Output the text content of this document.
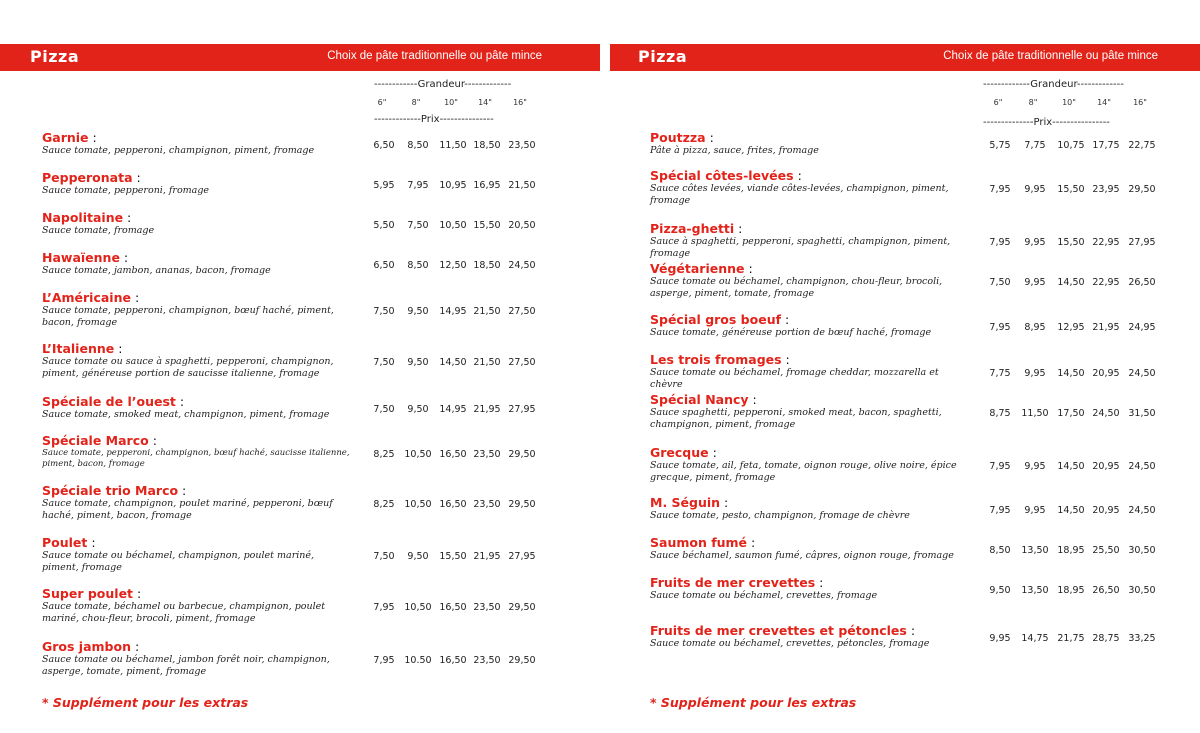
Pizza	Choix de pâte traditionnelle ou pâte mince
------------Grandeur-------------
6"	8"	10"	14"	16"
-------------Prix---------------
Garnie :
Sauce tomate, pepperoni, champignon, piment, fromage	6,50	8,50	11,50 18,50 23,50
Pepperonata :
Sauce tomate, pepperoni, fromage	5,95	7,95	10,95 16,95 21,50
Napolitaine :
Sauce tomate, fromage	5,50	7,50	10,50 15,50 20,50
Hawaïenne :
Sauce tomate, jambon, ananas, bacon, fromage	6,50	8,50	12,50 18,50 24,50
L’Américaine :
Sauce tomate, pepperoni, champignon, bœuf haché, piment, bacon, fromage
7,50	9,50	14,95 21,50 27,50
L’Italienne :
Sauce tomate ou sauce à spaghetti, pepperoni, champignon, piment, généreuse portion de saucisse italienne, fromage
7,50	9,50	14,50 21,50 27,50
Spéciale de l’ouest :
Sauce tomate, smoked meat, champignon, piment, fromage	7,50	9,50	14,95 21,95 27,95
Spéciale Marco :
Sauce tomate, pepperoni, champignon, bœuf haché, saucisse italienne, piment, bacon, fromage
8,25	10,50 16,50 23,50 29,50
Spéciale trio Marco :
Sauce tomate, champignon, poulet mariné, pepperoni, bœuf haché, piment, bacon, fromage
8,25	10,50 16,50 23,50 29,50
Poulet :
Sauce tomate ou béchamel, champignon, poulet mariné, piment, fromage
7,50	9,50	15,50 21,95 27,95
Super poulet :
Sauce tomate, béchamel ou barbecue, champignon, poulet mariné, chou-fleur, brocoli, piment, fromage
7,95	10,50 16,50 23,50 29,50
Gros jambon :
Sauce tomate ou béchamel, jambon forêt noir, champignon, asperge, tomate, piment, fromage
7,95	10.50 16,50 23,50 29,50
* Supplément pour les extras
Pizza	Choix de pâte traditionnelle ou pâte mince
-------------Grandeur-------------
6"	8"	10"	14"	16"
--------------Prix----------------
Poutzza :
Pâte à pizza, sauce, frites, fromage	5,75	7,75	10,75 17,75 22,75
Spécial côtes-levées :
Sauce côtes levées, viande côtes-levées, champignon, piment, fromage
7,95	9,95	15,50 23,95 29,50
Pizza-ghetti :
Sauce à spaghetti, pepperoni, spaghetti, champignon, piment, fromage
7,95	9,95	15,50 22,95 27,95
Végétarienne :
Sauce tomate ou béchamel, champignon, chou-fleur, brocoli, asperge, piment, tomate, fromage
7,50	9,95	14,50 22,95 26,50
Spécial gros boeuf :
Sauce tomate, généreuse portion de bœuf haché, fromage	7,95	8,95	12,95 21,95 24,95
Les trois fromages :
Sauce tomate ou béchamel, fromage cheddar, mozzarella et chèvre
7,75	9,95	14,50 20,95 24,50
Spécial Nancy :
Sauce spaghetti, pepperoni, smoked meat, bacon, spaghetti, champignon, piment, fromage
8,75	11,50 17,50 24,50 31,50
Grecque :
Sauce tomate, ail, feta, tomate, oignon rouge, olive noire, épice grecque, piment, fromage
7,95	9,95	14,50 20,95 24,50
M. Séguin :
Sauce tomate, pesto, champignon, fromage de chèvre	7,95	9,95	14,50 20,95 24,50
Saumon fumé :
Sauce béchamel, saumon fumé, câpres, oignon rouge, fromage	8,50	13,50 18,95 25,50 30,50
Fruits de mer crevettes :
Sauce tomate ou béchamel, crevettes, fromage	9,50	13,50 18,95 26,50 30,50
Fruits de mer crevettes et pétoncles :
Sauce tomate ou béchamel, crevettes, pétoncles, fromage	9,95	14,75 21,75 28,75 33,25
* Supplément pour les extras
